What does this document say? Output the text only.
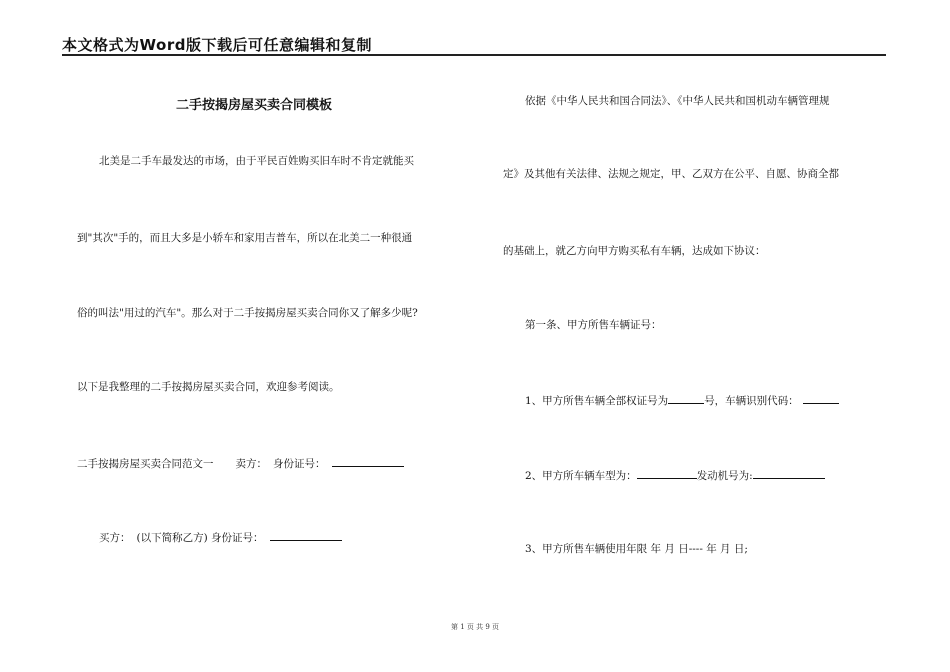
本文格式为Word版下载后可任意编辑和复制
二手按揭房屋买卖合同模板
北美是二手车最发达的市场，由于平民百姓购买旧车时不肯定就能买
到"其次"手的，而且大多是小轿车和家用吉普车，所以在北美二一种很通
俗的叫法"用过的汽车"。那么对于二手按揭房屋买卖合同你又了解多少呢?
以下是我整理的二手按揭房屋买卖合同，欢迎参考阅读。
二手按揭房屋买卖合同范文一 卖方： 身份证号：
买方： (以下简称乙方) 身份证号：
依据《中华人民共和国合同法》、《中华人民共和国机动车辆管理规
定》及其他有关法律、法规之规定，甲、乙双方在公平、自愿、协商全都
的基础上，就乙方向甲方购买私有车辆，达成如下协议：
第一条、甲方所售车辆证号：
1、甲方所售车辆全部权证号为	号，车辆识别代码：
2、甲方所车辆车型为：	发动机号为:
3、甲方所售车辆使用年限 年 月 日---- 年 月 日;
第 1 页 共 9 页
